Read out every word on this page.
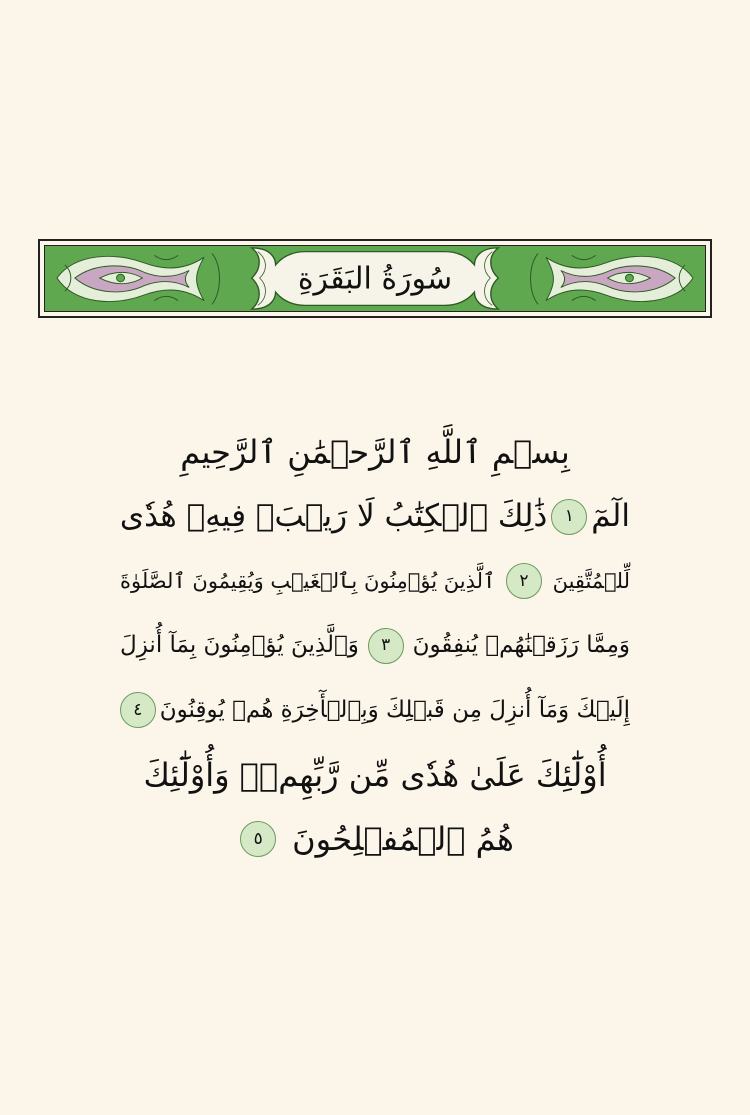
سُورَةُ البَقَرَةِ
بِسۡمِ ٱللَّهِ ٱلرَّحۡمَٰنِ ٱلرَّحِيمِ
الٓمٓ
١
ذَٰلِكَ ٱلۡكِتَٰبُ لَا رَيۡبَۛ فِيهِۛ هُدٗى
لِّلۡمُتَّقِينَ
٢
ٱلَّذِينَ يُؤۡمِنُونَ بِٱلۡغَيۡبِ وَيُقِيمُونَ ٱلصَّلَوٰةَ
وَمِمَّا رَزَقۡنَٰهُمۡ يُنفِقُونَ
٣
وَٱلَّذِينَ يُؤۡمِنُونَ بِمَآ أُنزِلَ
إِلَيۡكَ وَمَآ أُنزِلَ مِن قَبۡلِكَ وَبِٱلۡأٓخِرَةِ هُمۡ يُوقِنُونَ
٤
أُوْلَٰٓئِكَ عَلَىٰ هُدٗى مِّن رَّبِّهِمۡۖ وَأُوْلَٰٓئِكَ
هُمُ ٱلۡمُفۡلِحُونَ
٥
